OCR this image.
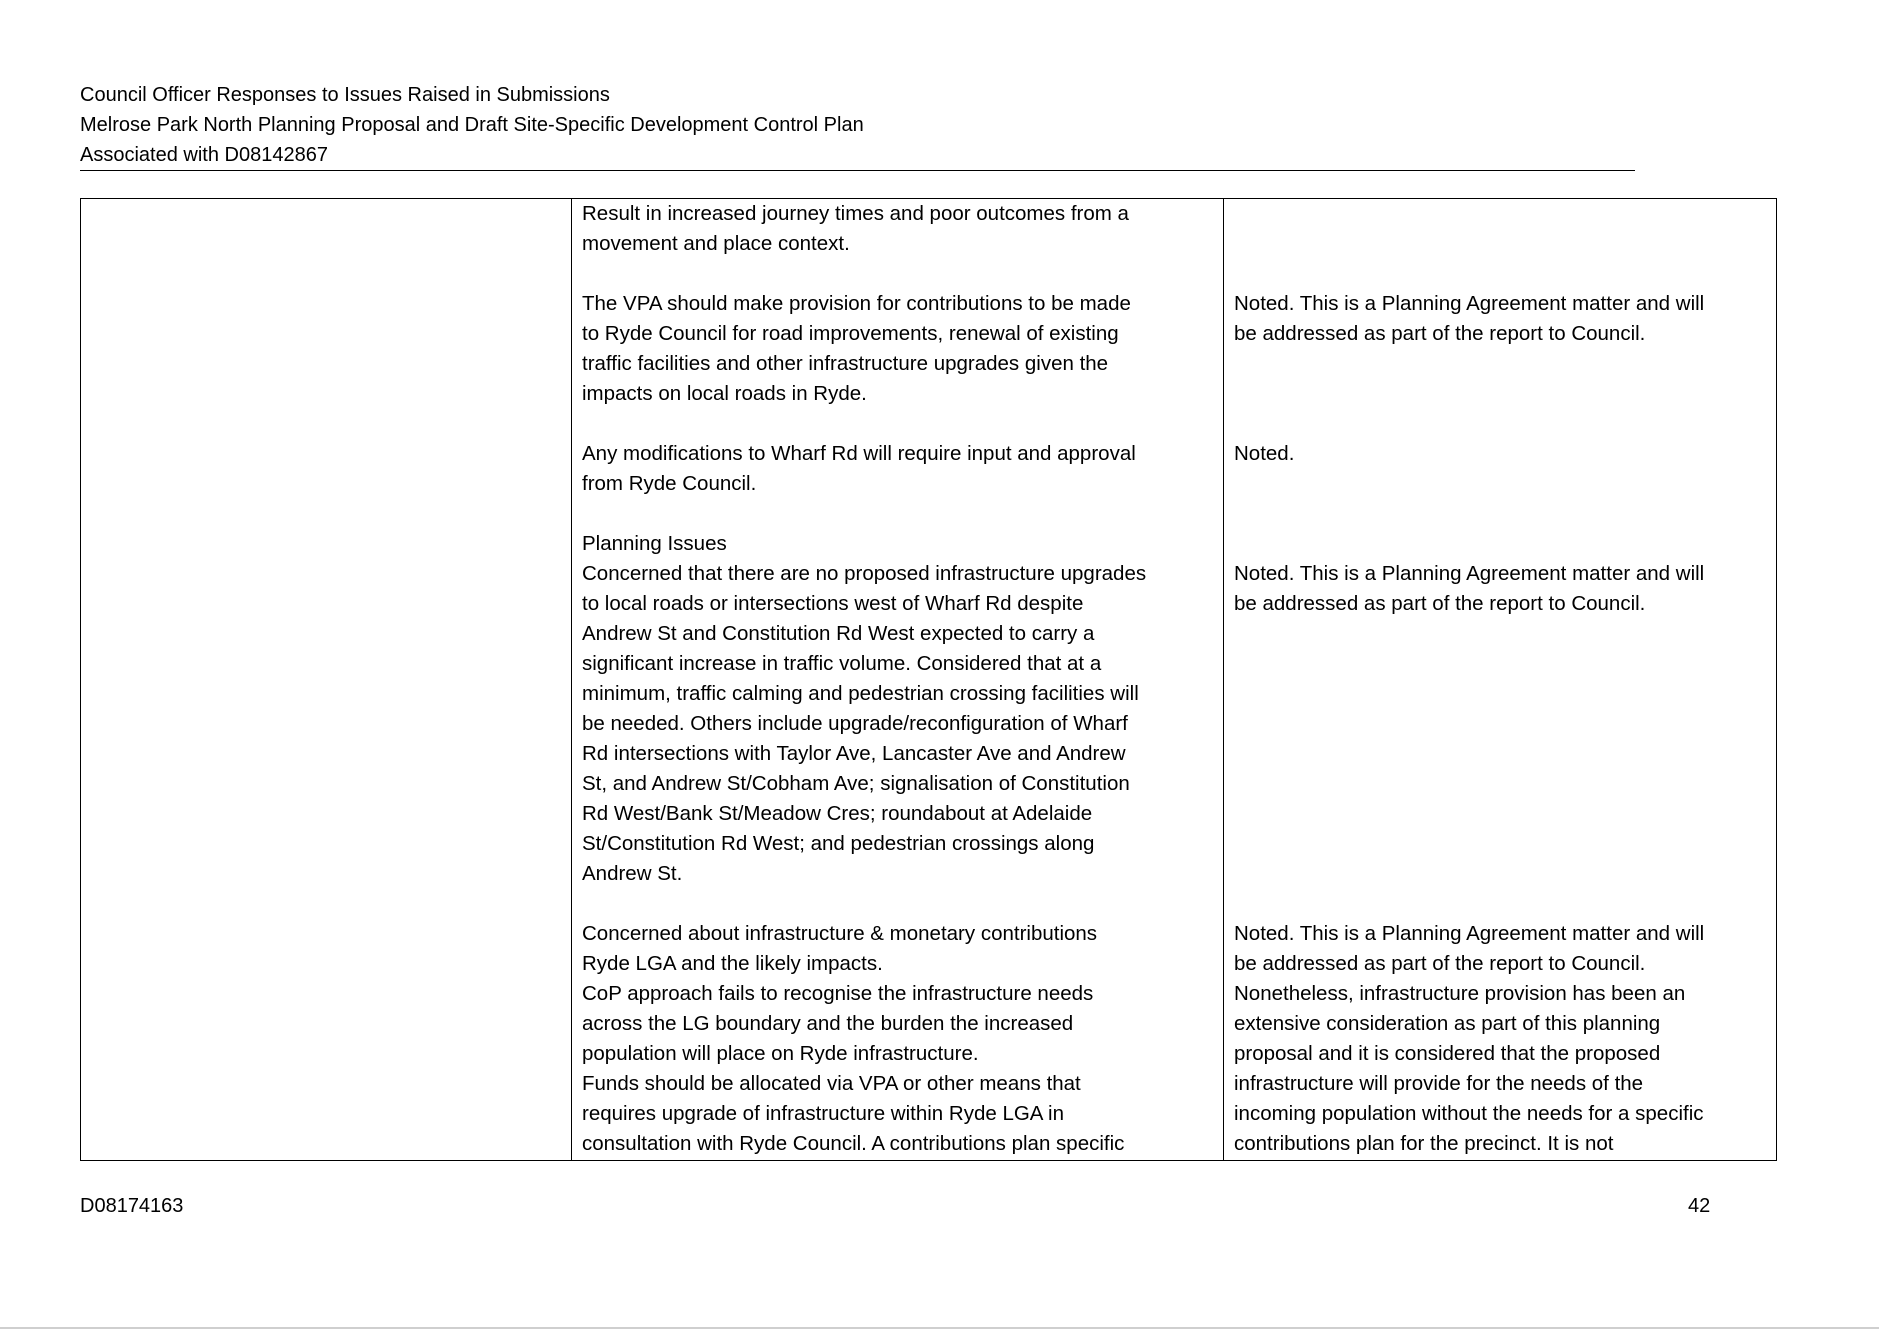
Council Officer Responses to Issues Raised in Submissions
Melrose Park North Planning Proposal and Draft Site-Specific Development Control Plan
Associated with D08142867
Result in increased journey times and poor outcomes from a
movement and place context.
The VPA should make provision for contributions to be made
to Ryde Council for road improvements, renewal of existing
traffic facilities and other infrastructure upgrades given the
impacts on local roads in Ryde.
Any modifications to Wharf Rd will require input and approval
from Ryde Council.
Planning Issues
Concerned that there are no proposed infrastructure upgrades
to local roads or intersections west of Wharf Rd despite
Andrew St and Constitution Rd West expected to carry a
significant increase in traffic volume. Considered that at a
minimum, traffic calming and pedestrian crossing facilities will
be needed. Others include upgrade/reconfiguration of Wharf
Rd intersections with Taylor Ave, Lancaster Ave and Andrew
St, and Andrew St/Cobham Ave; signalisation of Constitution
Rd West/Bank St/Meadow Cres; roundabout at Adelaide
St/Constitution Rd West; and pedestrian crossings along
Andrew St.
Concerned about infrastructure & monetary contributions
Ryde LGA and the likely impacts.
CoP approach fails to recognise the infrastructure needs
across the LG boundary and the burden the increased
population will place on Ryde infrastructure.
Funds should be allocated via VPA or other means that
requires upgrade of infrastructure within Ryde LGA in
consultation with Ryde Council. A contributions plan specific

Noted. This is a Planning Agreement matter and will
be addressed as part of the report to Council.

Noted.

Noted. This is a Planning Agreement matter and will
be addressed as part of the report to Council.

Noted. This is a Planning Agreement matter and will
be addressed as part of the report to Council.
Nonetheless, infrastructure provision has been an
extensive consideration as part of this planning
proposal and it is considered that the proposed
infrastructure will provide for the needs of the
incoming population without the needs for a specific
contributions plan for the precinct. It is not
D08174163	42
